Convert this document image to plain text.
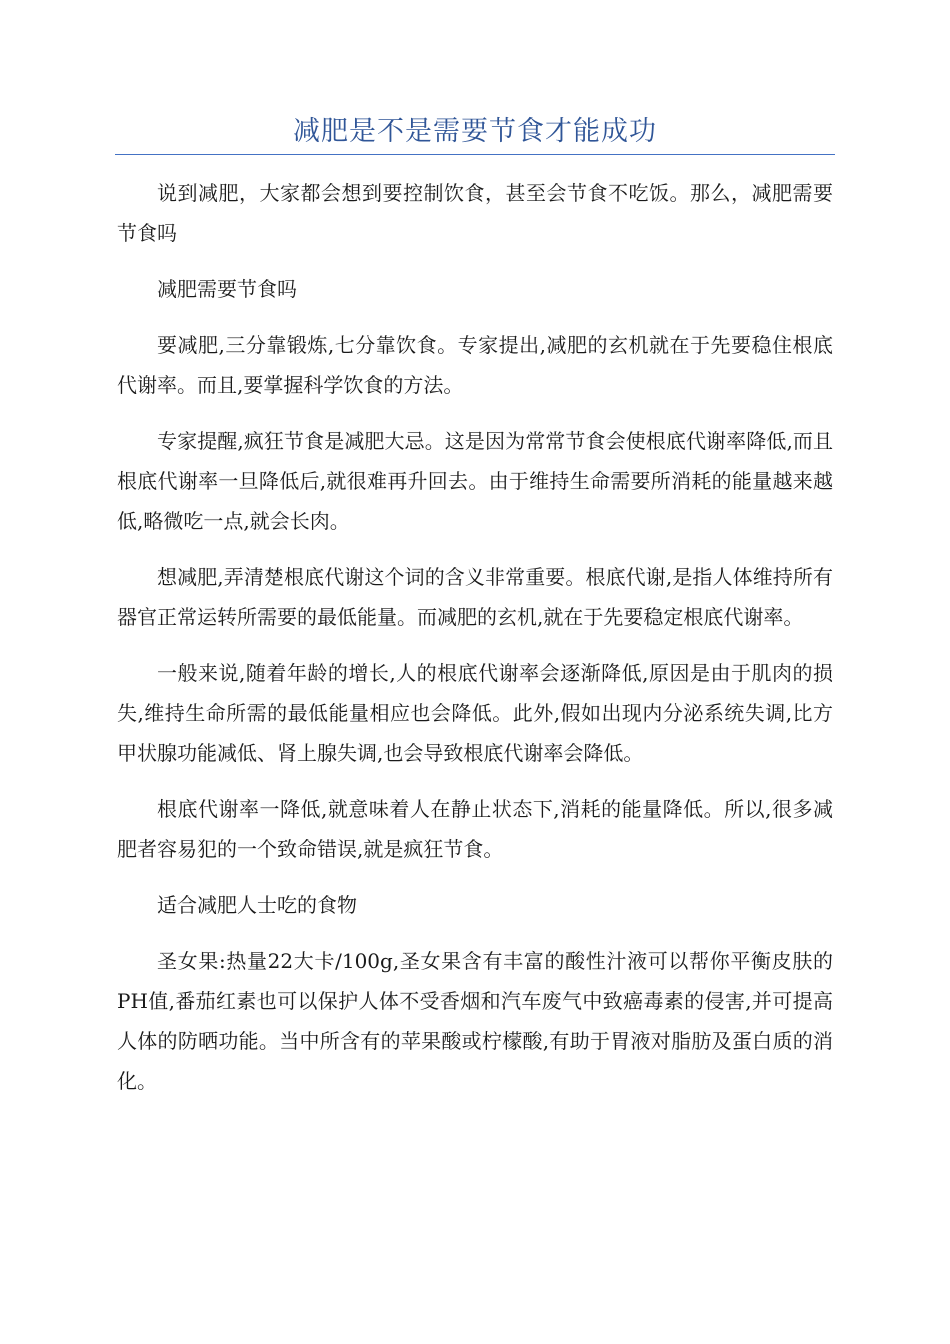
减肥是不是需要节食才能成功

说到减肥，大家都会想到要控制饮食，甚至会节食不吃饭。那么，减肥需要节食吗

减肥需要节食吗

要减肥,三分靠锻炼,七分靠饮食。专家提出,减肥的玄机就在于先要稳住根底代谢率。而且,要掌握科学饮食的方法。

专家提醒,疯狂节食是减肥大忌。这是因为常常节食会使根底代谢率降低,而且根底代谢率一旦降低后,就很难再升回去。由于维持生命需要所消耗的能量越来越低,略微吃一点,就会长肉。

想减肥,弄清楚根底代谢这个词的含义非常重要。根底代谢,是指人体维持所有器官正常运转所需要的最低能量。而减肥的玄机,就在于先要稳定根底代谢率。

一般来说,随着年龄的增长,人的根底代谢率会逐渐降低,原因是由于肌肉的损失,维持生命所需的最低能量相应也会降低。此外,假如出现内分泌系统失调,比方甲状腺功能减低、肾上腺失调,也会导致根底代谢率会降低。

根底代谢率一降低,就意味着人在静止状态下,消耗的能量降低。所以,很多减肥者容易犯的一个致命错误,就是疯狂节食。

适合减肥人士吃的食物

圣女果:热量22大卡/100g,圣女果含有丰富的酸性汁液可以帮你平衡皮肤的PH值,番茄红素也可以保护人体不受香烟和汽车废气中致癌毒素的侵害,并可提高人体的防晒功能。当中所含有的苹果酸或柠檬酸,有助于胃液对脂肪及蛋白质的消化。
